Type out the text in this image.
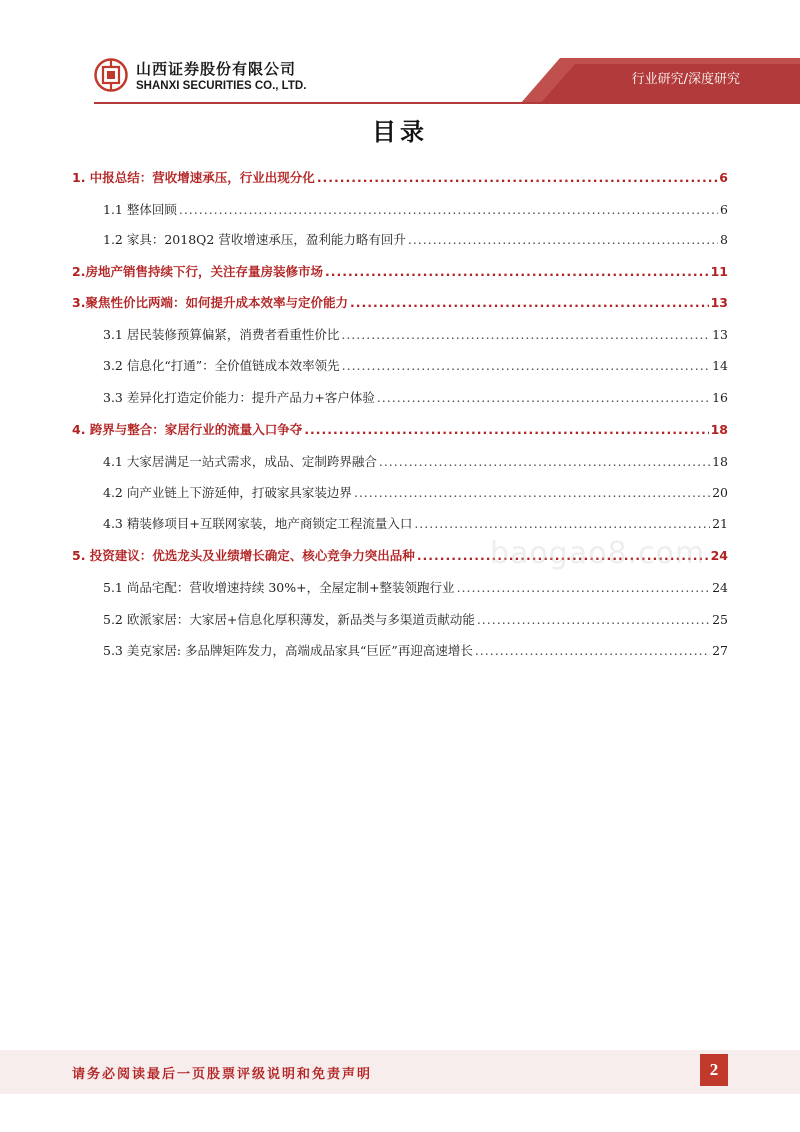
山西证券股份有限公司
SHANXI SECURITIES CO., LTD.	行业研究/深度研究
目录
1. 中报总结：营收增速承压，行业出现分化 .....	6
1.1 整体回顾 .....	6
1.2 家具：2018Q2 营收增速承压，盈利能力略有回升 .....	8
2.房地产销售持续下行，关注存量房装修市场 .....	11
3.聚焦性价比两端：如何提升成本效率与定价能力 .....	13
3.1 居民装修预算偏紧，消费者看重性价比 .....	13
3.2 信息化“打通”：全价值链成本效率领先 .....	14
3.3 差异化打造定价能力：提升产品力+客户体验 .....	16
4. 跨界与整合：家居行业的流量入口争夺 .....	18
4.1 大家居满足一站式需求，成品、定制跨界融合 .....	18
4.2 向产业链上下游延伸，打破家具家装边界 .....	20
4.3 精装修项目+互联网家装，地产商锁定工程流量入口 .....	21
5. 投资建议：优选龙头及业绩增长确定、核心竞争力突出品种 .....	24
5.1 尚品宅配：营收增速持续 30%+，全屋定制+整装领跑行业 .....	24
5.2 欧派家居：大家居+信息化厚积薄发，新品类与多渠道贡献动能 .....	25
5.3 美克家居: 多品牌矩阵发力，高端成品家具“巨匠”再迎高速增长 .....	27
baogao8.com
请务必阅读最后一页股票评级说明和免责声明	2
